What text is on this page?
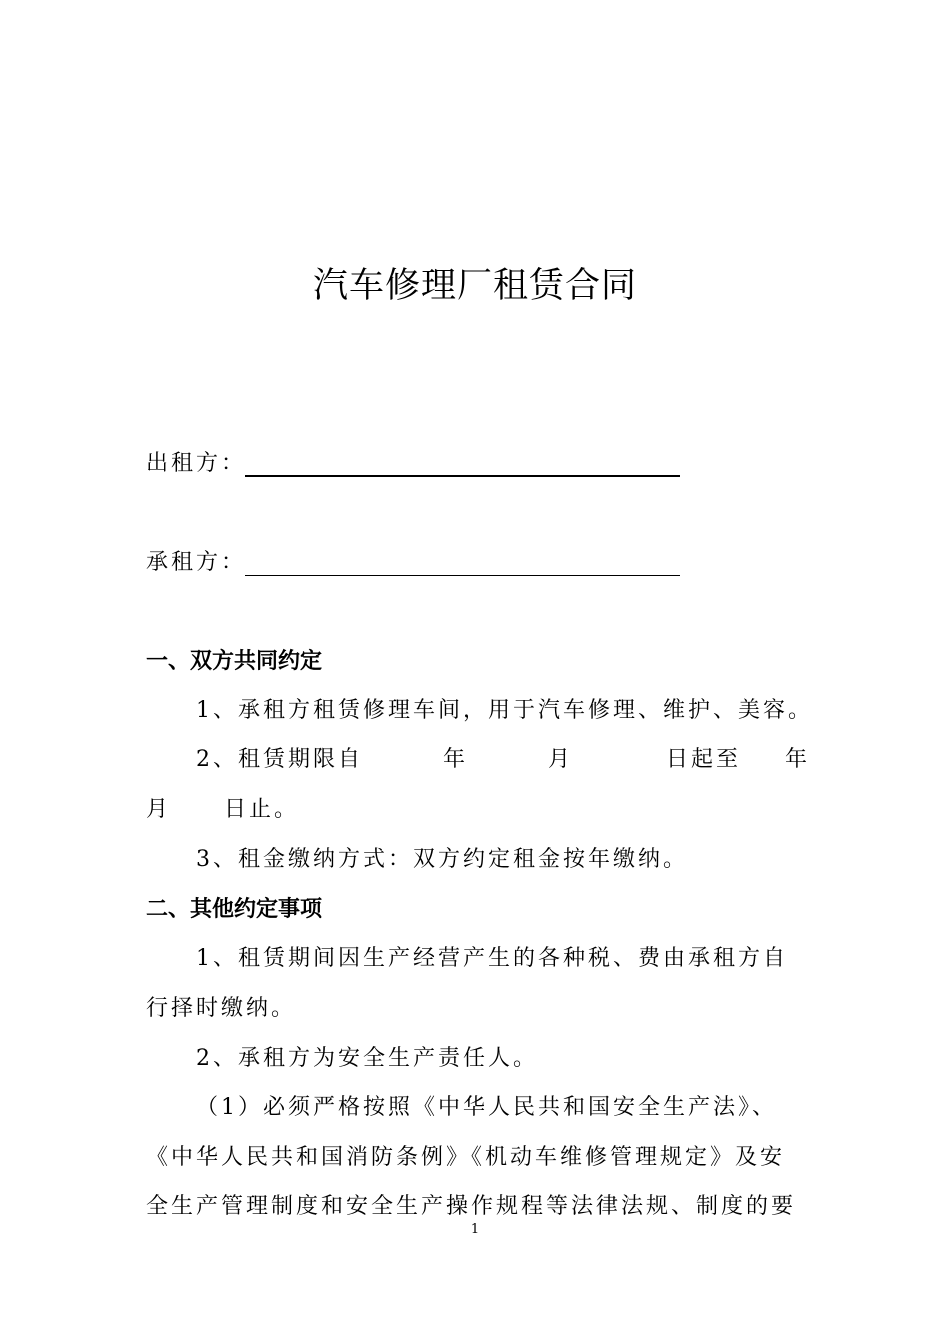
汽车修理厂租赁合同
出租方：
承租方：
一、双方共同约定
1、承租方租赁修理车间，用于汽车修理、维护、美容。
2、租赁期限自	年	月	日起至 年
月	日止。
3、租金缴纳方式：双方约定租金按年缴纳。
二、其他约定事项
1、租赁期间因生产经营产生的各种税、费由承租方自
行择时缴纳。
2、承租方为安全生产责任人。
（1）必须严格按照《中华人民共和国安全生产法》、
《中华人民共和国消防条例》《机动车维修管理规定》及安
全生产管理制度和安全生产操作规程等法律法规、制度的要
1
